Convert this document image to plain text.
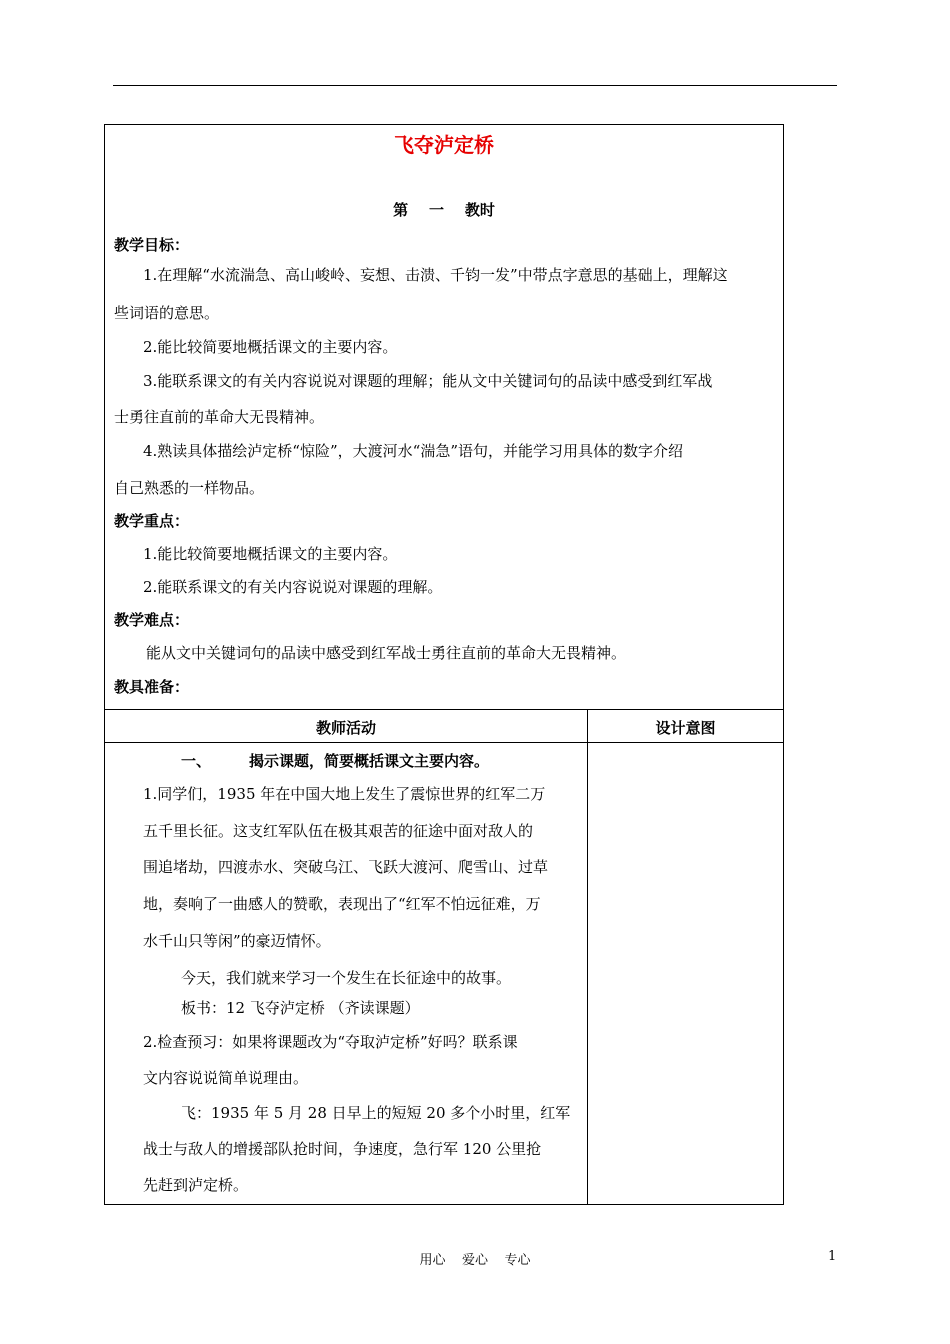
飞夺泸定桥
第    一    教时
教学目标：
1.在理解“水流湍急、高山峻岭、妄想、击溃、千钧一发”中带点字意思的基础上，理解这
些词语的意思。
2.能比较简要地概括课文的主要内容。
3.能联系课文的有关内容说说对课题的理解；能从文中关键词句的品读中感受到红军战
士勇往直前的革命大无畏精神。
4.熟读具体描绘泸定桥“惊险”，大渡河水“湍急”语句，并能学习用具体的数字介绍
自己熟悉的一样物品。
教学重点：
1.能比较简要地概括课文的主要内容。
2.能联系课文的有关内容说说对课题的理解。
教学难点：
能从文中关键词句的品读中感受到红军战士勇往直前的革命大无畏精神。
教具准备：
教师活动	设计意图
一、	揭示课题，简要概括课文主要内容。
1.同学们，1935 年在中国大地上发生了震惊世界的红军二万
五千里长征。这支红军队伍在极其艰苦的征途中面对敌人的
围追堵劫，四渡赤水、突破乌江、飞跃大渡河、爬雪山、过草
地，奏响了一曲感人的赞歌，表现出了“红军不怕远征难，万
水千山只等闲”的豪迈情怀。
今天，我们就来学习一个发生在长征途中的故事。
板书：12 飞夺泸定桥 （齐读课题）
2.检查预习：如果将课题改为“夺取泸定桥”好吗？联系课
文内容说说简单说理由。
飞：1935 年 5 月 28 日早上的短短 20 多个小时里，红军
战士与敌人的增援部队抢时间，争速度，急行军 120 公里抢
先赶到泸定桥。
用心    爱心    专心	1
